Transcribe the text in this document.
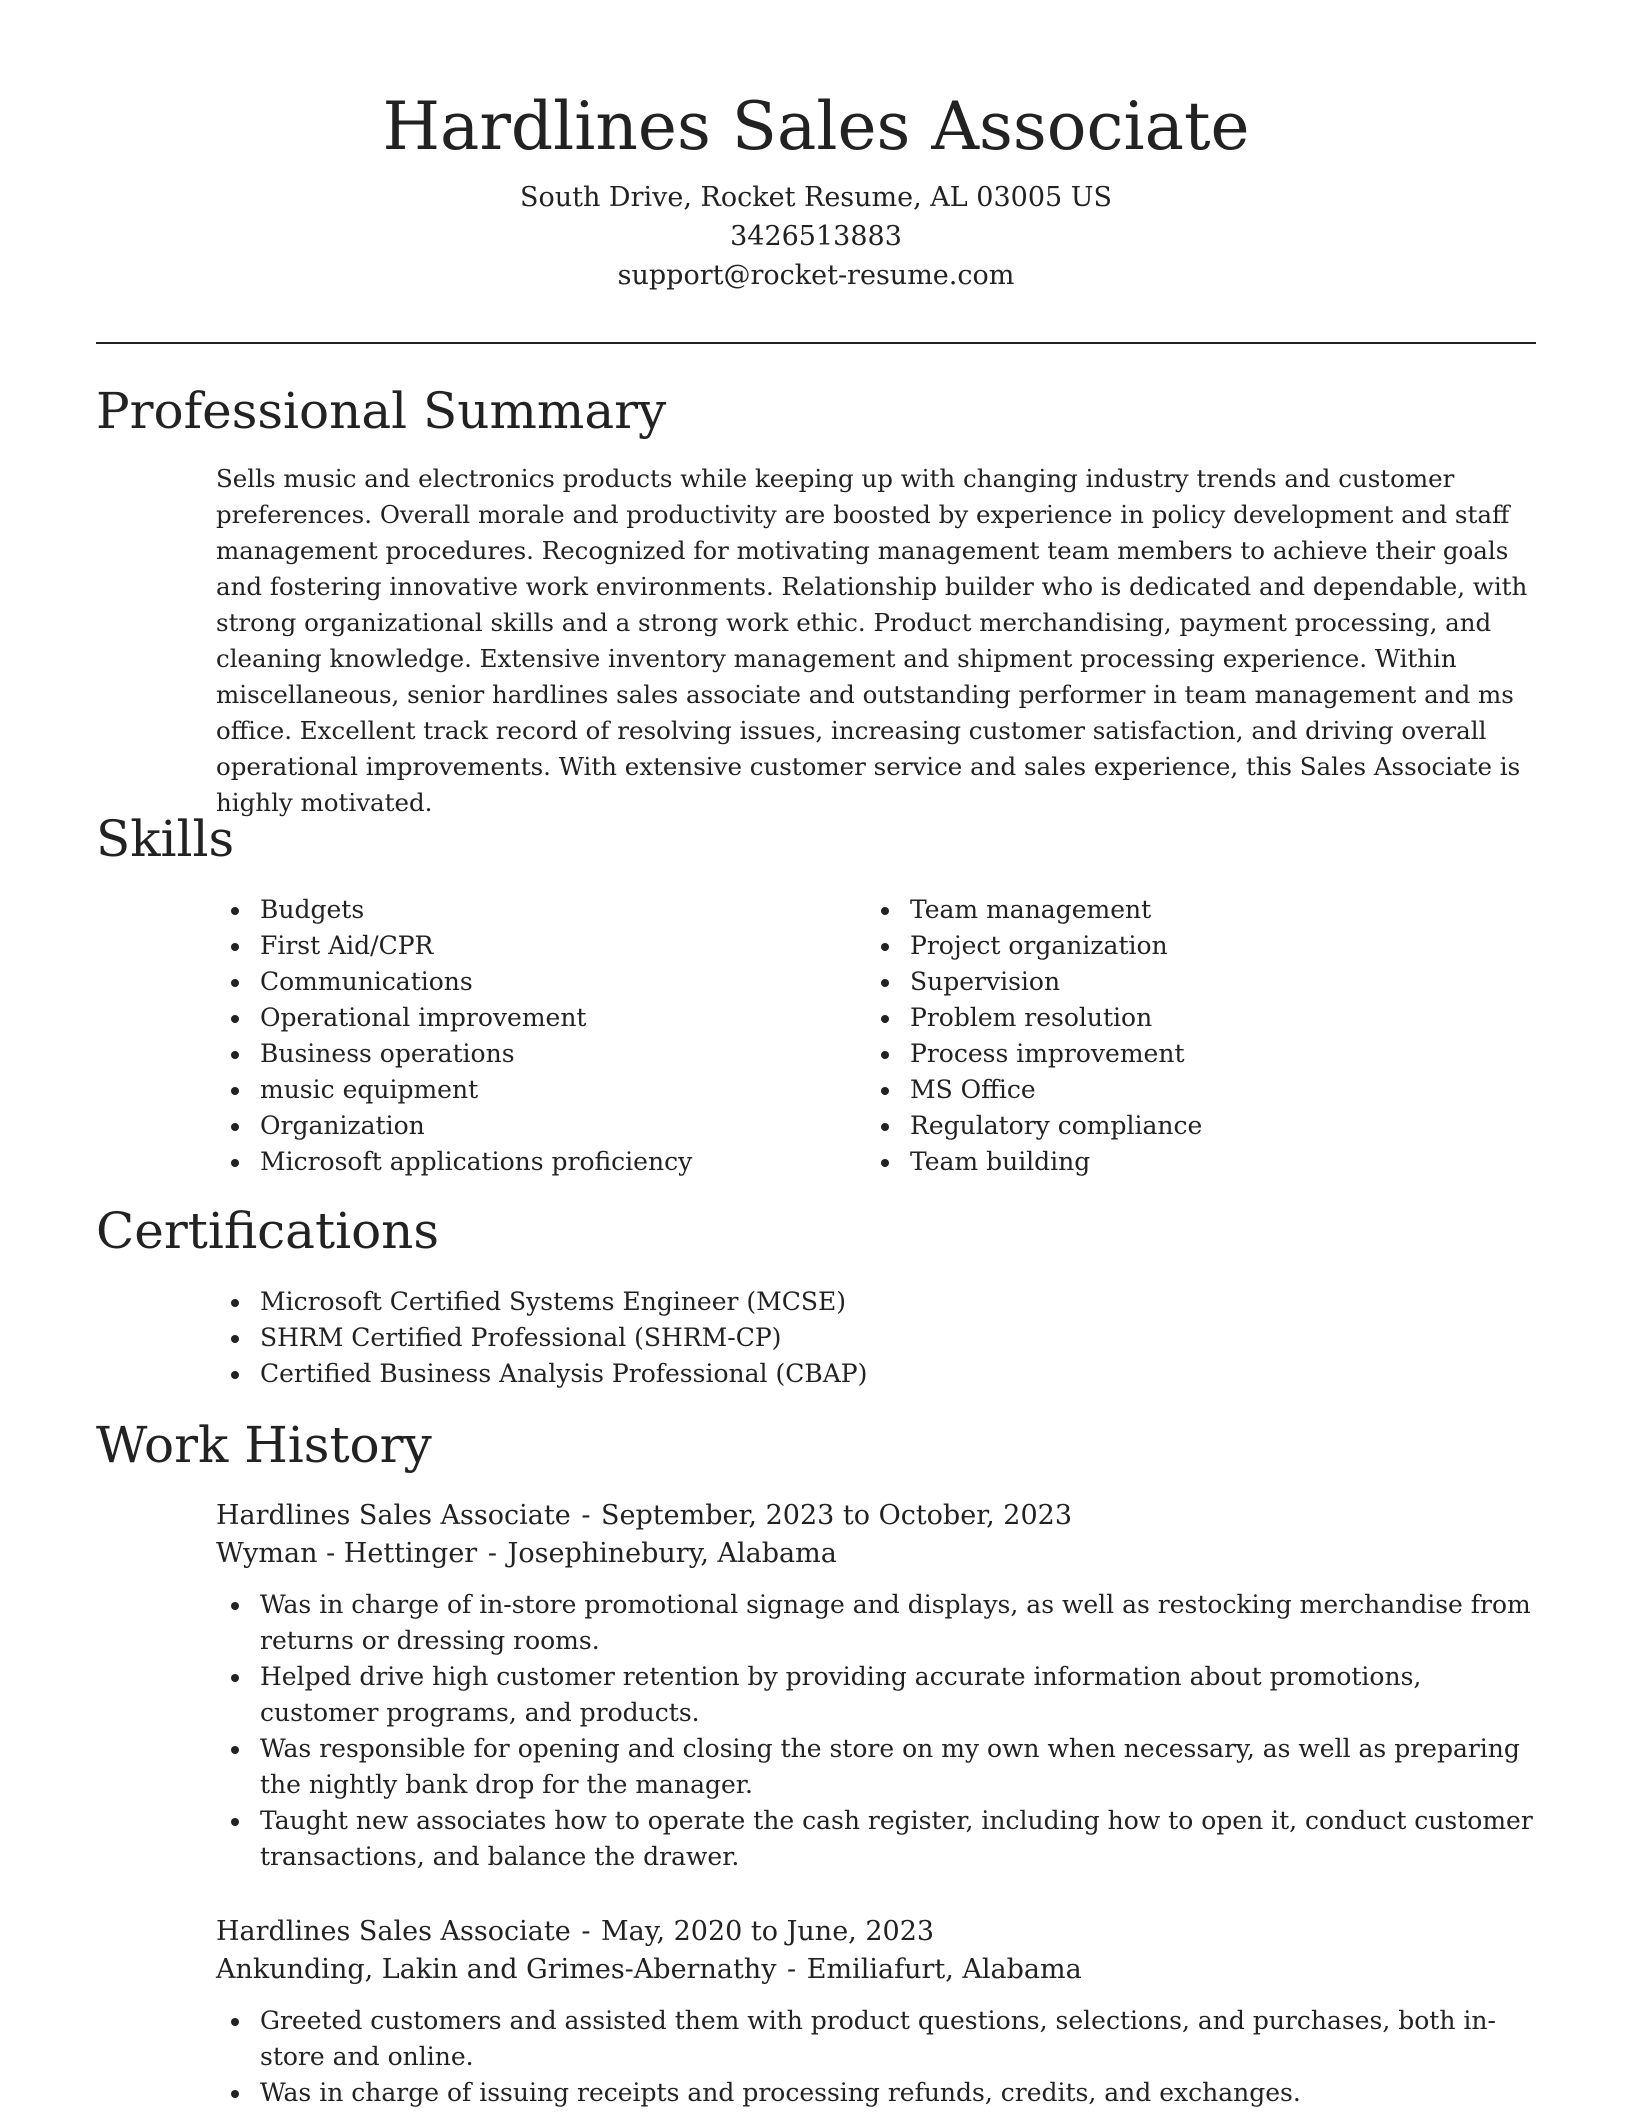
Hardlines Sales Associate

South Drive, Rocket Resume, AL 03005 US

3426513883

support@rocket-resume.com

Professional Summary

Sells music and electronics products while keeping up with changing industry trends and customer preferences. Overall morale and productivity are boosted by experience in policy development and staff management procedures. Recognized for motivating management team members to achieve their goals and fostering innovative work environments. Relationship builder who is dedicated and dependable, with strong organizational skills and a strong work ethic. Product merchandising, payment processing, and cleaning knowledge. Extensive inventory management and shipment processing experience. Within miscellaneous, senior hardlines sales associate and outstanding performer in team management and ms office. Excellent track record of resolving issues, increasing customer satisfaction, and driving overall operational improvements. With extensive customer service and sales experience, this Sales Associate is highly motivated.

Skills
Budgets
First Aid/CPR
Communications
Operational improvement
Business operations
music equipment
Organization
Microsoft applications proficiency
Team management
Project organization
Supervision
Problem resolution
Process improvement
MS Office
Regulatory compliance
Team building
Certifications
Microsoft Certified Systems Engineer (MCSE)
SHRM Certified Professional (SHRM-CP)
Certified Business Analysis Professional (CBAP)
Work History

Hardlines Sales Associate - September, 2023 to October, 2023

Wyman - Hettinger - Josephinebury, Alabama

Was in charge of in-store promotional signage and displays, as well as restocking merchandise from returns or dressing rooms.
Helped drive high customer retention by providing accurate information about promotions, customer programs, and products.
Was responsible for opening and closing the store on my own when necessary, as well as preparing the nightly bank drop for the manager.
Taught new associates how to operate the cash register, including how to open it, conduct customer transactions, and balance the drawer.

Hardlines Sales Associate - May, 2020 to June, 2023

Ankunding, Lakin and Grimes-Abernathy - Emiliafurt, Alabama

Greeted customers and assisted them with product questions, selections, and purchases, both in-store and online.
Was in charge of issuing receipts and processing refunds, credits, and exchanges.
